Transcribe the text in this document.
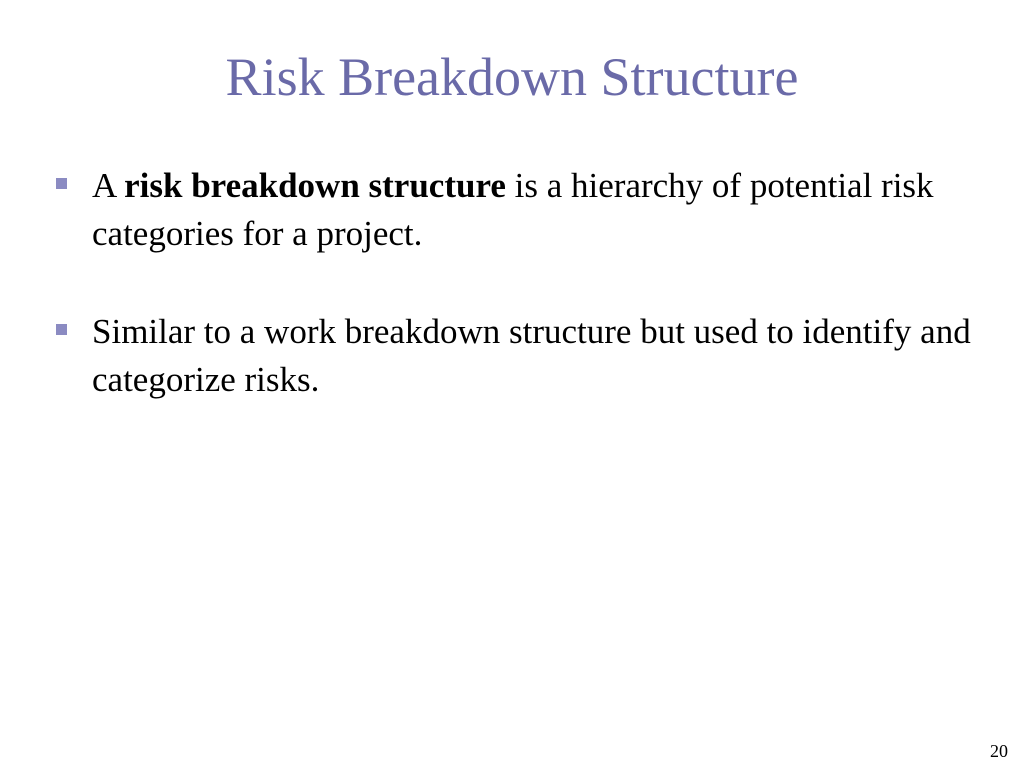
Risk Breakdown Structure
A risk breakdown structure is a hierarchy of potential risk categories for a project.
Similar to a work breakdown structure but used to identify and categorize risks.
20
